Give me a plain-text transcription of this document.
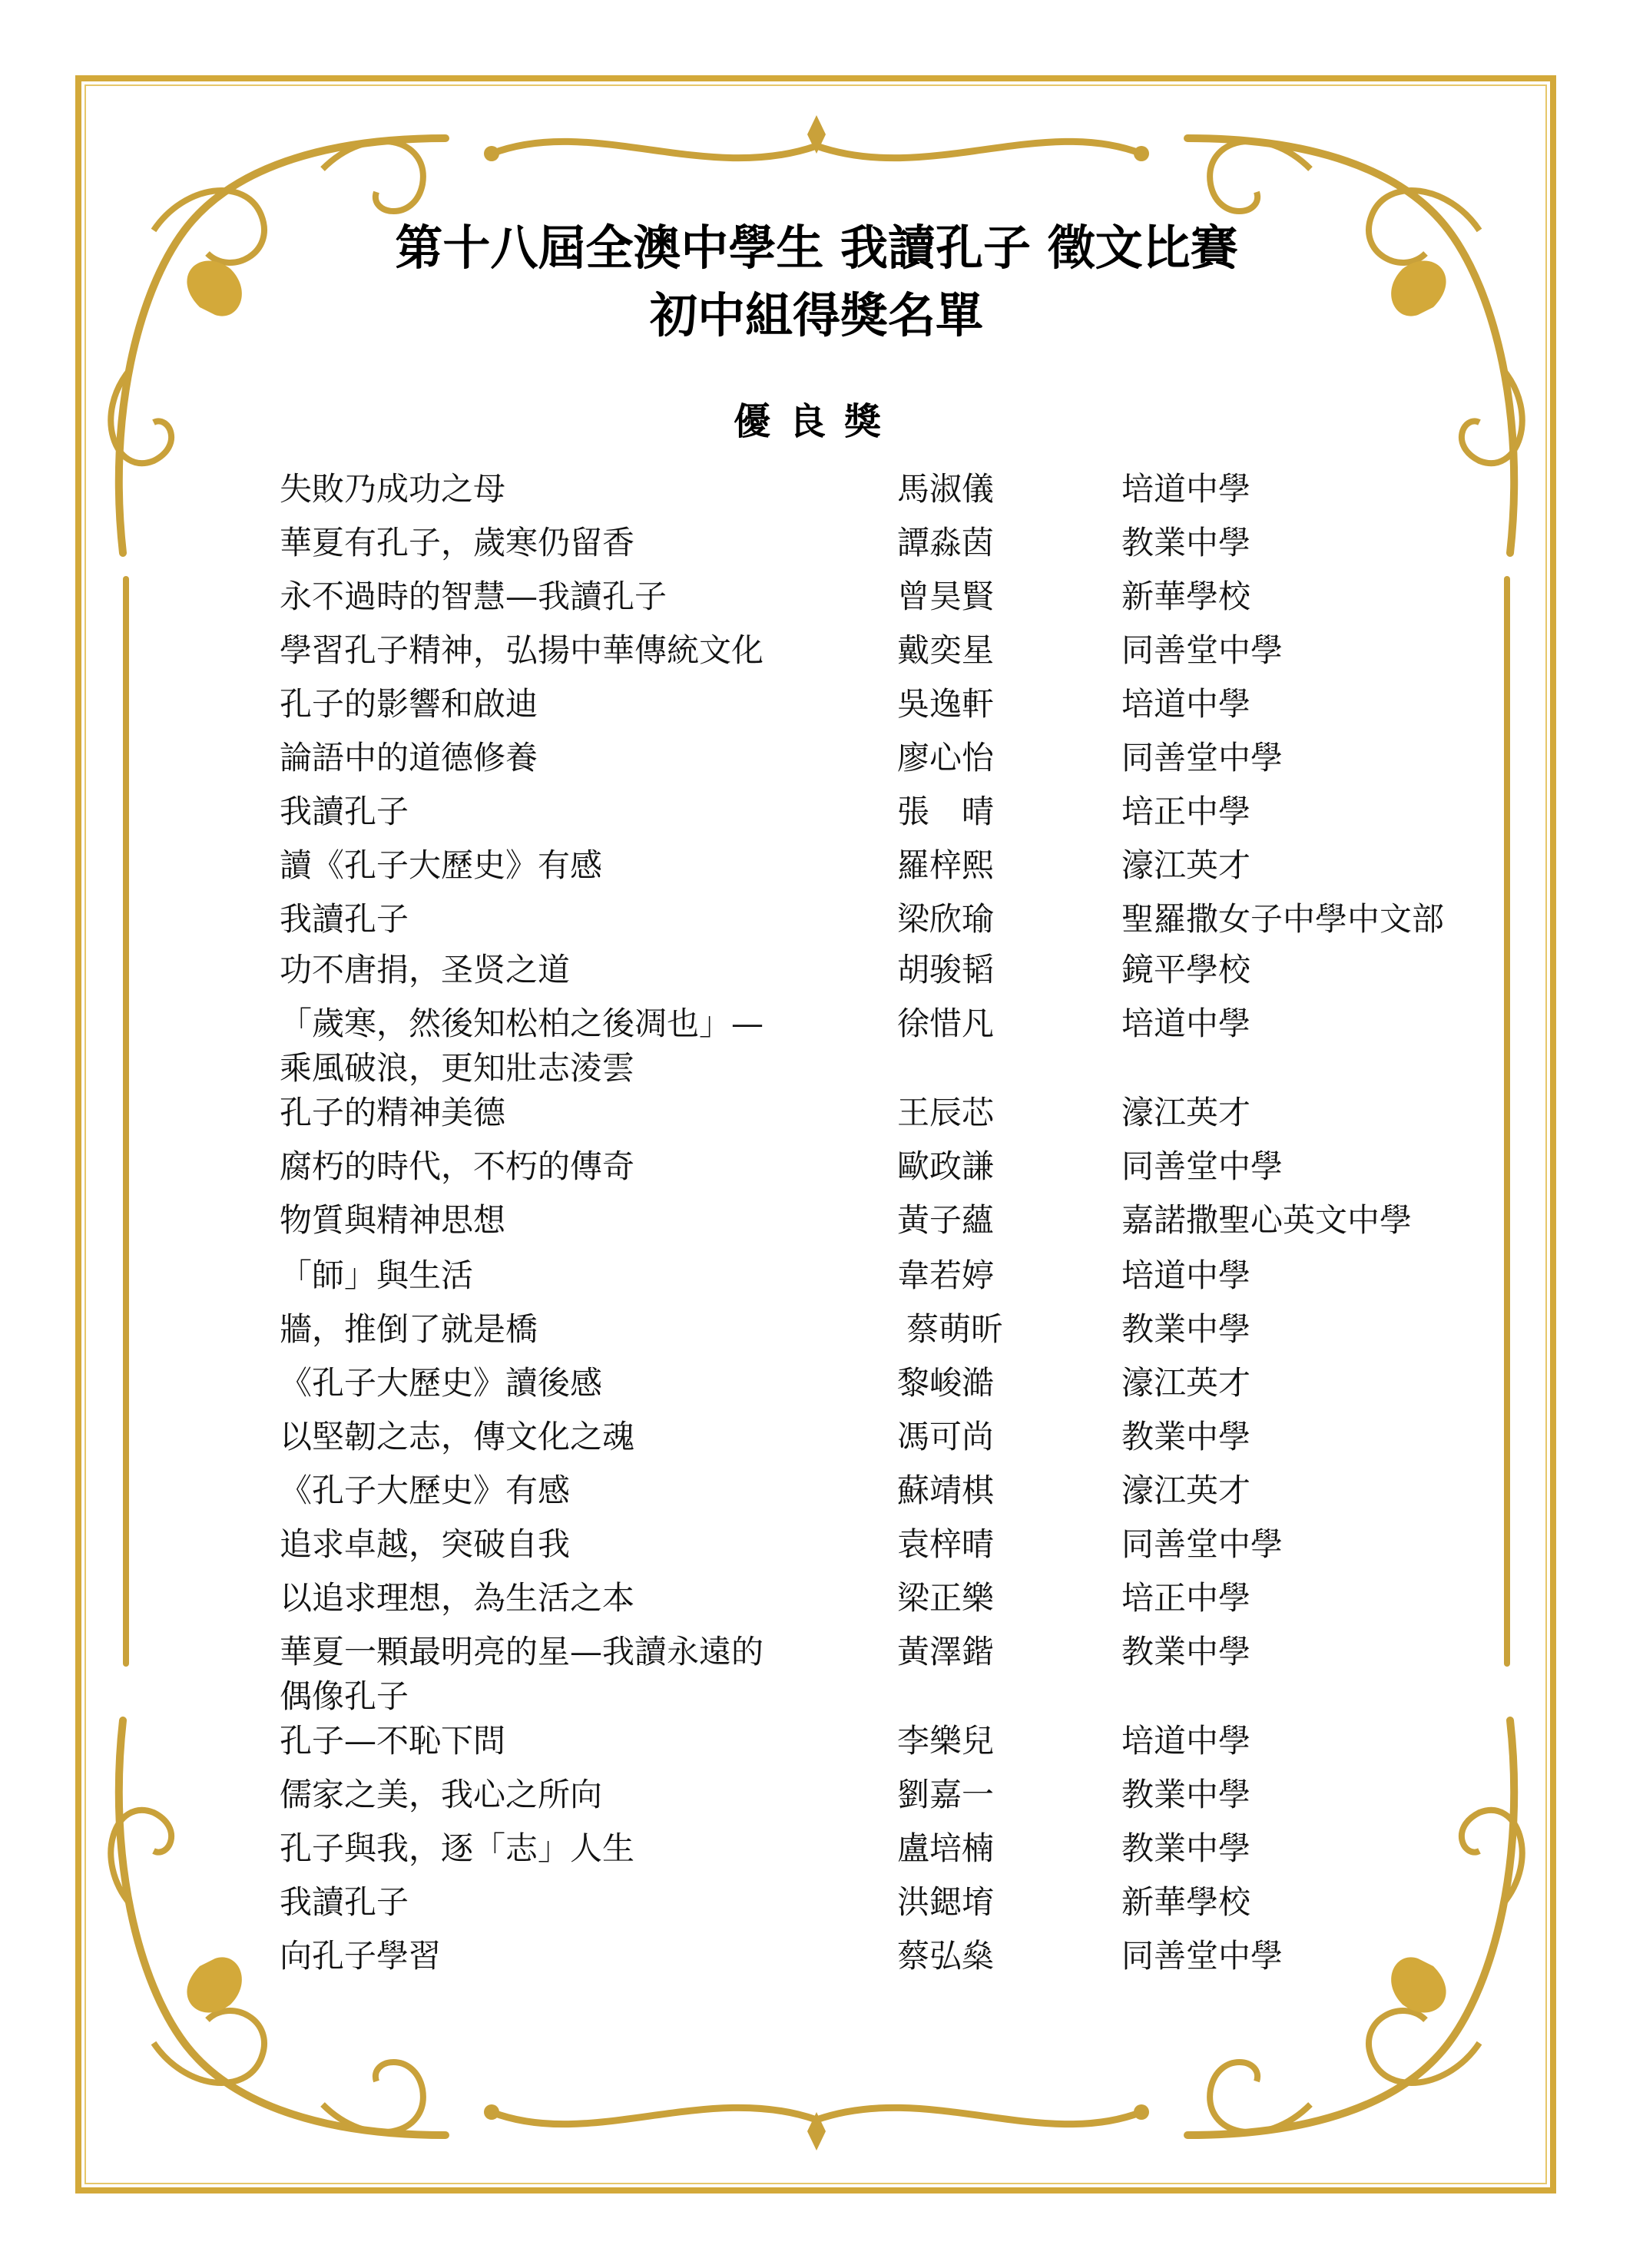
第十八屆全澳中學生 我讀孔子 徵文比賽
初中組得獎名單
優良獎
失敗乃成功之母	馬淑儀	培道中學
華夏有孔子，歲寒仍留香	譚淼茵	教業中學
永不過時的智慧—我讀孔子	曾昊賢	新華學校
學習孔子精神，弘揚中華傳統文化	戴奕星	同善堂中學
孔子的影響和啟迪	吳逸軒	培道中學
論語中的道德修養	廖心怡	同善堂中學
我讀孔子	張　晴	培正中學
讀《孔子大歷史》有感	羅梓熙	濠江英才
我讀孔子	梁欣瑜	聖羅撒女子中學中文部
功不唐捐，圣贤之道	胡骏韬	鏡平學校
「歲寒，然後知松柏之後凋也」—
乘風破浪，更知壯志淩雲
徐惜凡	培道中學
孔子的精神美德	王辰芯	濠江英才
腐朽的時代，不朽的傳奇	歐政謙	同善堂中學
物質與精神思想	黃子蘊	嘉諾撒聖心英文中學
「師」與生活	韋若婷	培道中學
牆，推倒了就是橋	蔡萌昕	教業中學
《孔子大歷史》讀後感	黎峻澔	濠江英才
以堅韌之志，傳文化之魂	馮可尚	教業中學
《孔子大歷史》有感	蘇靖棋	濠江英才
追求卓越，突破自我	袁梓晴	同善堂中學
以追求理想，為生活之本	梁正樂	培正中學
華夏一顆最明亮的星—我讀永遠的
偶像孔子
黃澤鍇	教業中學
孔子—不恥下問	李樂兒	培道中學
儒家之美，我心之所向	劉嘉一	教業中學
孔子與我，逐「志」人生	盧培楠	教業中學
我讀孔子	洪鍶堉	新華學校
向孔子學習	蔡弘燊	同善堂中學
